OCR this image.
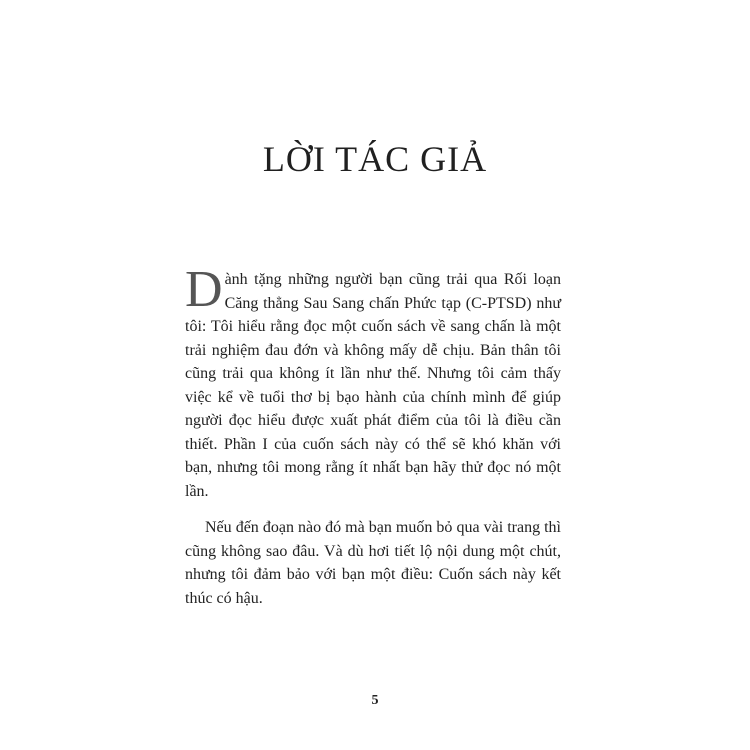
LỜI TÁC GIẢ

Dành tặng những người bạn cũng trải qua Rối loạn Căng thẳng Sau Sang chấn Phức tạp (C-PTSD) như tôi: Tôi hiểu rằng đọc một cuốn sách về sang chấn là một trải nghiệm đau đớn và không mấy dễ chịu. Bản thân tôi cũng trải qua không ít lần như thế. Nhưng tôi cảm thấy việc kể về tuổi thơ bị bạo hành của chính mình để giúp người đọc hiểu được xuất phát điểm của tôi là điều cần thiết. Phần I của cuốn sách này có thể sẽ khó khăn với bạn, nhưng tôi mong rằng ít nhất bạn hãy thử đọc nó một lần.

Nếu đến đoạn nào đó mà bạn muốn bỏ qua vài trang thì cũng không sao đâu. Và dù hơi tiết lộ nội dung một chút, nhưng tôi đảm bảo với bạn một điều: Cuốn sách này kết thúc có hậu.

5
